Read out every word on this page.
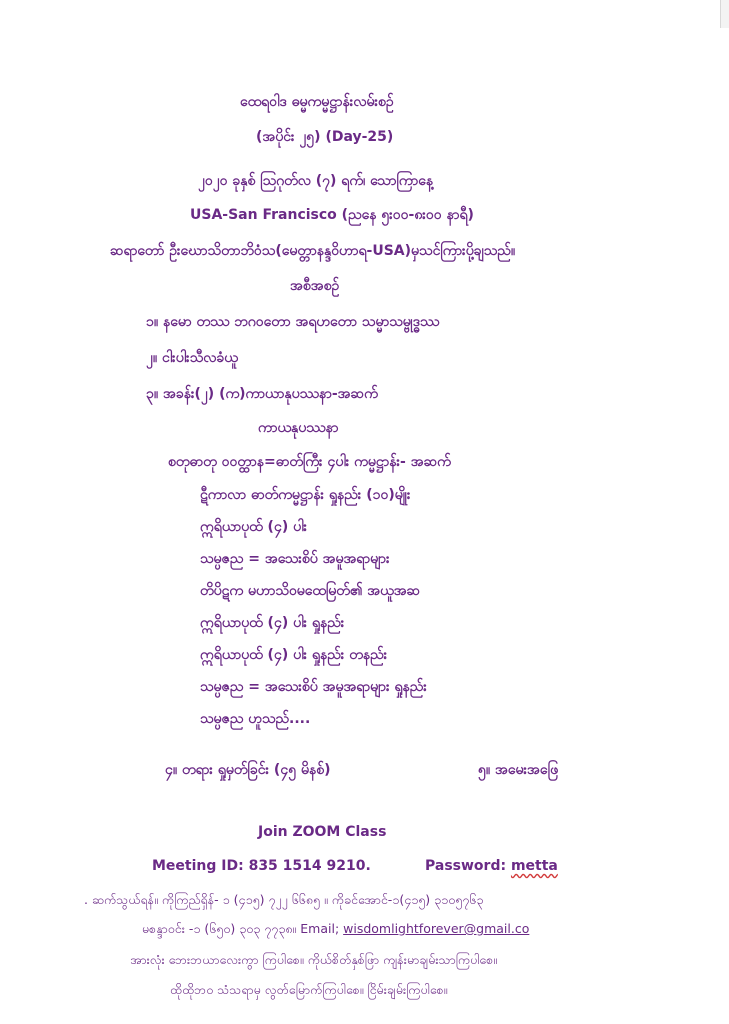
ထေရဝါဒ ဓမ္မကမ္မဋ္ဌာန်းလမ်းစဉ်
(အပိုင်း ၂၅) (Day-25)
၂၀၂၀ ခုနှစ် ဩဂုတ်လ (၇) ရက်၊ သောကြာနေ့
USA-San Francisco (ညနေ ၅း၀၀-၈း၀၀ နာရီ)
ဆရာတော် ဦးဃောသိတာဘိဝံသ(မေတ္တာနန္ဒဝိဟာရ-USA)မှသင်ကြားပို့ချသည်။
အစီအစဉ်
၁။ နမော တဿ ဘဂဝတော အရဟတော သမ္မာသမ္ဗုဒ္ဓဿ
၂။ ငါးပါးသီလခံယူ
၃။ အခန်း(၂) (က)ကာယာနုပဿနာ-အဆက်
ကာယနုပဿနာ
စတုဓာတု ဝဝတ္ထာန=ဓာတ်ကြီး ၄ပါး ကမ္မဋ္ဌာန်း- အဆက်
ဋီကာလာ ဓာတ်ကမ္မဋ္ဌာန်း ရှုနည်း (၁၀)မျိုး
ဣရိယာပုထ် (၄) ပါး
သမ္ပဇည = အသေးစိပ် အမူအရာများ
တိပိဋက မဟာသိဝမထေမြတ်၏ အယူအဆ
ဣရိယာပုထ် (၄) ပါး ရှုနည်း
ဣရိယာပုထ် (၄) ပါး ရှုနည်း တနည်း
သမ္ပဇည = အသေးစိပ် အမူအရာများ ရှုနည်း
သမ္ပဇည ဟူသည်....
၄။ တရား ရှုမှတ်ခြင်း (၄၅ မိနစ်)	၅။ အမေးအဖြေ
Join ZOOM Class
Meeting ID: 835 1514 9210.	Password: metta
. ဆက်သွယ်ရန်။ ကိုကြည်ရှိန်- ၁ (၄၁၅) ၇၂၂ ၆၆၈၅ ။ ကိုခင်အောင်-၁(၄၁၅) ၃၁၀၅၇၆၃
မစန္ဒာဝင်း -၁ (၆၅၀) ၃၀၃ ၇၇၃၈။ Email; wisdomlightforever@gmail.co
အားလုံး ဘေးဘယာလေးကွာ ကြပါစေ။ ကိုယ်စိတ်နှစ်ဖြာ ကျန်းမာချမ်းသာကြပါစေ။
ထိုထိုဘဝ သံသရာမှ လွတ်မြောက်ကြပါစေ။ ငြိမ်းချမ်းကြပါစေ။
